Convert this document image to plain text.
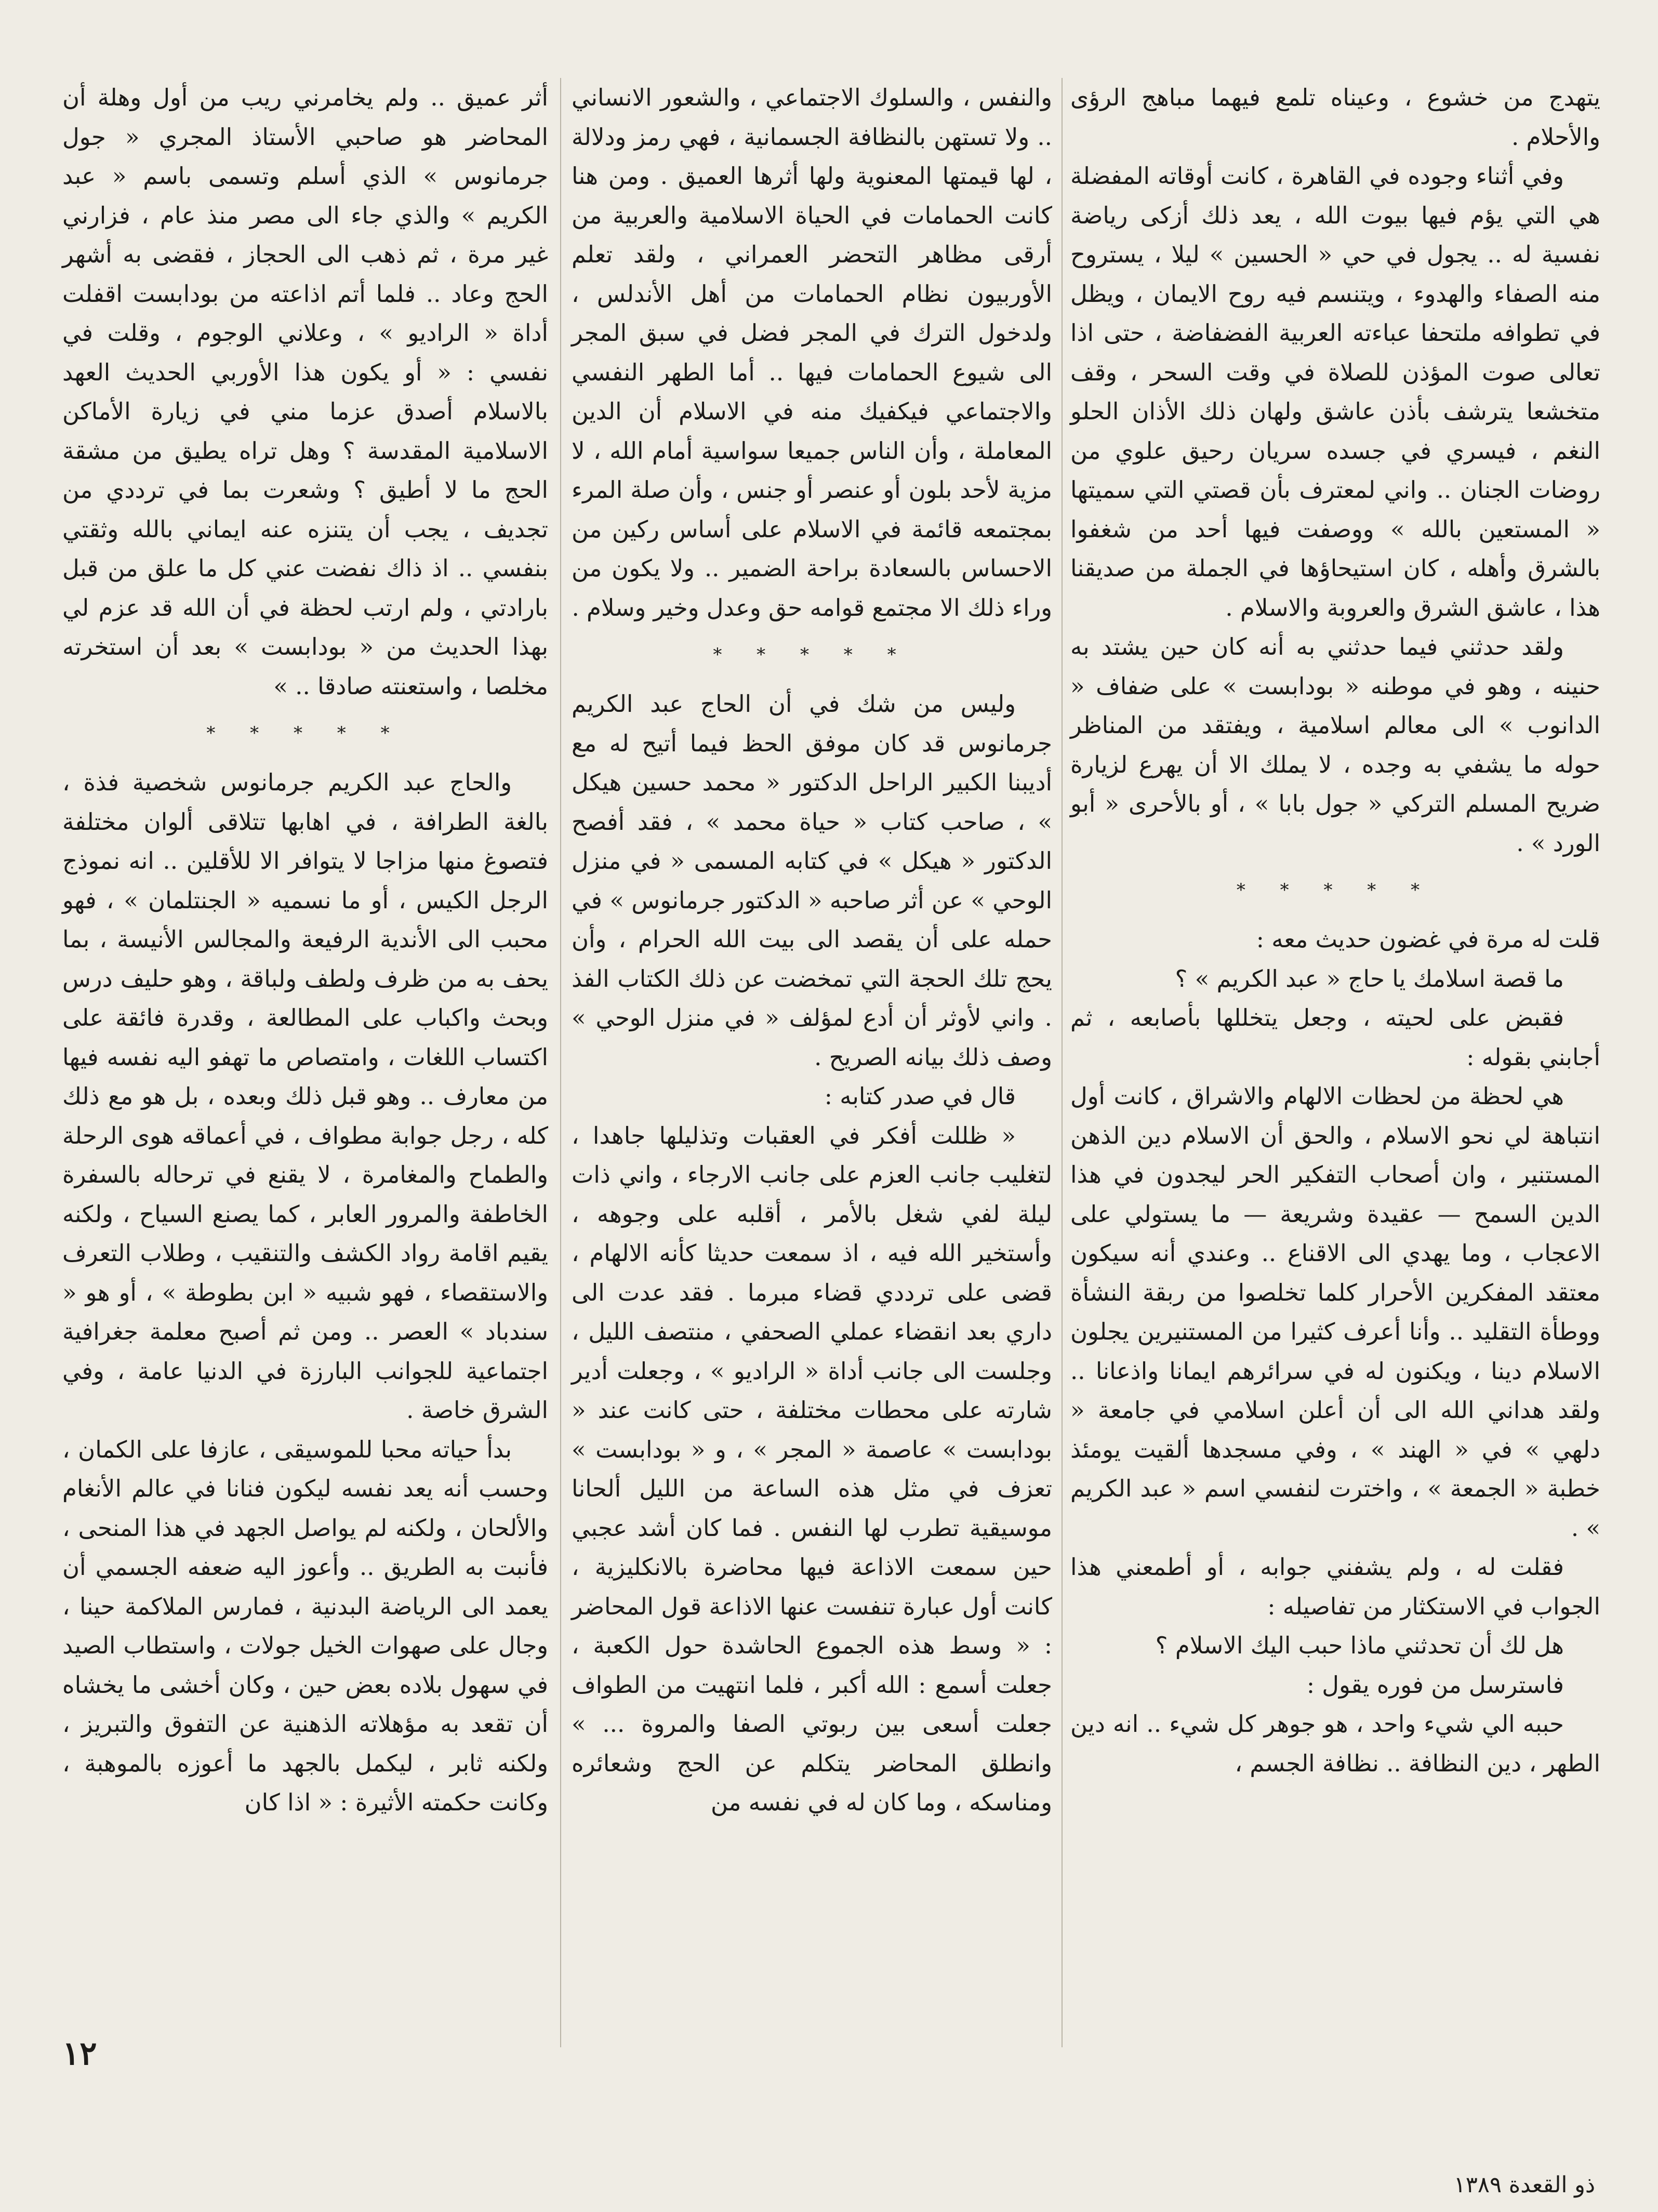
يتهدج من خشوع ، وعيناه تلمع فيهما مباهج الرؤى والأحلام .

وفي أثناء وجوده في القاهرة ، كانت أوقاته المفضلة هي التي يؤم فيها بيوت الله ، يعد ذلك أزكى رياضة نفسية له .. يجول في حي « الحسين » ليلا ، يستروح منه الصفاء والهدوء ، ويتنسم فيه روح الايمان ، ويظل في تطوافه ملتحفا عباءته العربية الفضفاضة ، حتى اذا تعالى صوت المؤذن للصلاة في وقت السحر ، وقف متخشعا يترشف بأذن عاشق ولهان ذلك الأذان الحلو النغم ، فيسري في جسده سريان رحيق علوي من روضات الجنان .. واني لمعترف بأن قصتي التي سميتها « المستعين بالله » ووصفت فيها أحد من شغفوا بالشرق وأهله ، كان استيحاؤها في الجملة من صديقنا هذا ، عاشق الشرق والعروبة والاسلام .

ولقد حدثني فيما حدثني به أنه كان حين يشتد به حنينه ، وهو في موطنه « بودابست » على ضفاف « الدانوب » الى معالم اسلامية ، ويفتقد من المناظر حوله ما يشفي به وجده ، لا يملك الا أن يهرع لزيارة ضريح المسلم التركي « جول بابا » ، أو بالأحرى « أبو الورد » .

* * * * *

قلت له مرة في غضون حديث معه :

ما قصة اسلامك يا حاج « عبد الكريم » ؟

فقبض على لحيته ، وجعل يتخللها بأصابعه ، ثم أجابني بقوله :

هي لحظة من لحظات الالهام والاشراق ، كانت أول انتباهة لي نحو الاسلام ، والحق أن الاسلام دين الذهن المستنير ، وان أصحاب التفكير الحر ليجدون في هذا الدين السمح — عقيدة وشريعة — ما يستولي على الاعجاب ، وما يهدي الى الاقناع .. وعندي أنه سيكون معتقد المفكرين الأحرار كلما تخلصوا من ربقة النشأة ووطأة التقليد .. وأنا أعرف كثيرا من المستنيرين يجلون الاسلام دينا ، ويكنون له في سرائرهم ايمانا واذعانا .. ولقد هداني الله الى أن أعلن اسلامي في جامعة « دلهي » في « الهند » ، وفي مسجدها ألقيت يومئذ خطبة « الجمعة » ، واخترت لنفسي اسم « عبد الكريم » .

فقلت له ، ولم يشفني جوابه ، أو أطمعني هذا الجواب في الاستكثار من تفاصيله :

هل لك أن تحدثني ماذا حبب اليك الاسلام ؟

فاسترسل من فوره يقول :

حببه الي شيء واحد ، هو جوهر كل شيء .. انه دين الطهر ، دين النظافة .. نظافة الجسم ،

والنفس ، والسلوك الاجتماعي ، والشعور الانساني .. ولا تستهن بالنظافة الجسمانية ، فهي رمز ودلالة ، لها قيمتها المعنوية ولها أثرها العميق . ومن هنا كانت الحمامات في الحياة الاسلامية والعربية من أرقى مظاهر التحضر العمراني ، ولقد تعلم الأوربيون نظام الحمامات من أهل الأندلس ، ولدخول الترك في المجر فضل في سبق المجر الى شيوع الحمامات فيها .. أما الطهر النفسي والاجتماعي فيكفيك منه في الاسلام أن الدين المعاملة ، وأن الناس جميعا سواسية أمام الله ، لا مزية لأحد بلون أو عنصر أو جنس ، وأن صلة المرء بمجتمعه قائمة في الاسلام على أساس ركين من الاحساس بالسعادة براحة الضمير .. ولا يكون من وراء ذلك الا مجتمع قوامه حق وعدل وخير وسلام .

* * * * *

وليس من شك في أن الحاج عبد الكريم جرمانوس قد كان موفق الحظ فيما أتيح له مع أديبنا الكبير الراحل الدكتور « محمد حسين هيكل » ، صاحب كتاب « حياة محمد » ، فقد أفصح الدكتور « هيكل » في كتابه المسمى « في منزل الوحي » عن أثر صاحبه « الدكتور جرمانوس » في حمله على أن يقصد الى بيت الله الحرام ، وأن يحج تلك الحجة التي تمخضت عن ذلك الكتاب الفذ . واني لأوثر أن أدع لمؤلف « في منزل الوحي » وصف ذلك بيانه الصريح .

قال في صدر كتابه :

« ظللت أفكر في العقبات وتذليلها جاهدا ، لتغليب جانب العزم على جانب الارجاء ، واني ذات ليلة لفي شغل بالأمر ، أقلبه على وجوهه ، وأستخير الله فيه ، اذ سمعت حديثا كأنه الالهام ، قضى على ترددي قضاء مبرما . فقد عدت الى داري بعد انقضاء عملي الصحفي ، منتصف الليل ، وجلست الى جانب أداة « الراديو » ، وجعلت أدير شارته على محطات مختلفة ، حتى كانت عند « بودابست » عاصمة « المجر » ، و « بودابست » تعزف في مثل هذه الساعة من الليل ألحانا موسيقية تطرب لها النفس . فما كان أشد عجبي حين سمعت الاذاعة فيها محاضرة بالانكليزية ، كانت أول عبارة تنفست عنها الاذاعة قول المحاضر : « وسط هذه الجموع الحاشدة حول الكعبة ، جعلت أسمع : الله أكبر ، فلما انتهيت من الطواف جعلت أسعى بين ربوتي الصفا والمروة ... » وانطلق المحاضر يتكلم عن الحج وشعائره ومناسكه ، وما كان له في نفسه من

أثر عميق .. ولم يخامرني ريب من أول وهلة أن المحاضر هو صاحبي الأستاذ المجري « جول جرمانوس » الذي أسلم وتسمى باسم « عبد الكريم » والذي جاء الى مصر منذ عام ، فزارني غير مرة ، ثم ذهب الى الحجاز ، فقضى به أشهر الحج وعاد .. فلما أتم اذاعته من بودابست اقفلت أداة « الراديو » ، وعلاني الوجوم ، وقلت في نفسي : « أو يكون هذا الأوربي الحديث العهد بالاسلام أصدق عزما مني في زيارة الأماكن الاسلامية المقدسة ؟ وهل تراه يطيق من مشقة الحج ما لا أطيق ؟ وشعرت بما في ترددي من تجديف ، يجب أن يتنزه عنه ايماني بالله وثقتي بنفسي .. اذ ذاك نفضت عني كل ما علق من قبل بارادتي ، ولم ارتب لحظة في أن الله قد عزم لي بهذا الحديث من « بودابست » بعد أن استخرته مخلصا ، واستعنته صادقا .. »

* * * * *

والحاج عبد الكريم جرمانوس شخصية فذة ، بالغة الطرافة ، في اهابها تتلاقى ألوان مختلفة فتصوغ منها مزاجا لا يتوافر الا للأقلين .. انه نموذج الرجل الكيس ، أو ما نسميه « الجنتلمان » ، فهو محبب الى الأندية الرفيعة والمجالس الأنيسة ، بما يحف به من ظرف ولطف ولباقة ، وهو حليف درس وبحث واكباب على المطالعة ، وقدرة فائقة على اكتساب اللغات ، وامتصاص ما تهفو اليه نفسه فيها من معارف .. وهو قبل ذلك وبعده ، بل هو مع ذلك كله ، رجل جوابة مطواف ، في أعماقه هوى الرحلة والطماح والمغامرة ، لا يقنع في ترحاله بالسفرة الخاطفة والمرور العابر ، كما يصنع السياح ، ولكنه يقيم اقامة رواد الكشف والتنقيب ، وطلاب التعرف والاستقصاء ، فهو شبيه « ابن بطوطة » ، أو هو « سندباد » العصر .. ومن ثم أصبح معلمة جغرافية اجتماعية للجوانب البارزة في الدنيا عامة ، وفي الشرق خاصة .

بدأ حياته محبا للموسيقى ، عازفا على الكمان ، وحسب أنه يعد نفسه ليكون فنانا في عالم الأنغام والألحان ، ولكنه لم يواصل الجهد في هذا المنحى ، فأنبت به الطريق .. وأعوز اليه ضعفه الجسمي أن يعمد الى الرياضة البدنية ، فمارس الملاكمة حينا ، وجال على صهوات الخيل جولات ، واستطاب الصيد في سهول بلاده بعض حين ، وكان أخشى ما يخشاه أن تقعد به مؤهلاته الذهنية عن التفوق والتبريز ، ولكنه ثابر ، ليكمل بالجهد ما أعوزه بالموهبة ، وكانت حكمته الأثيرة : « اذا كان

١٢
ذو القعدة ١٣٨٩
